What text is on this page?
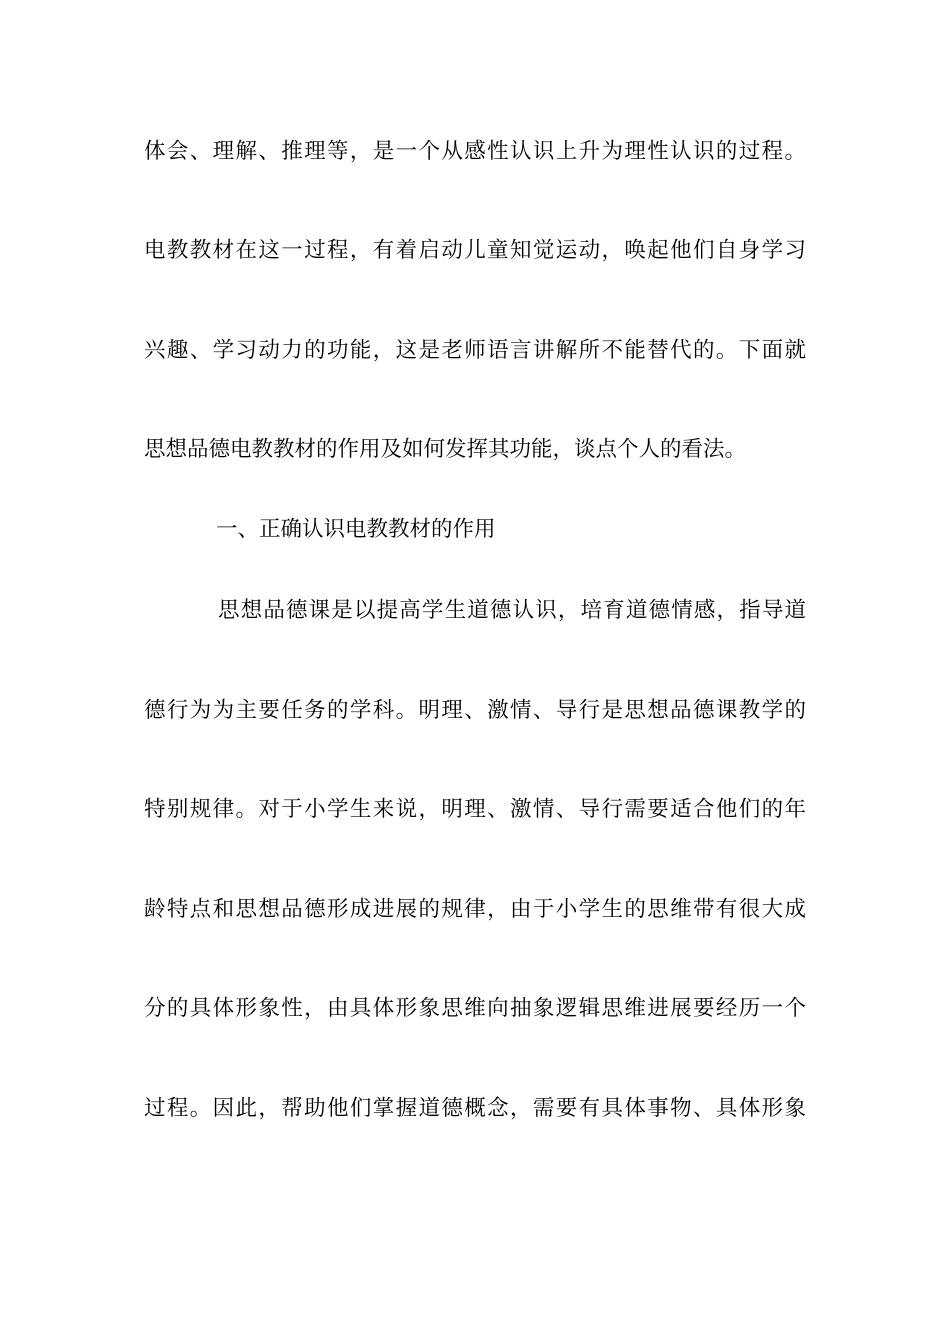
体会、理解、推理等，是一个从感性认识上升为理性认识的过程。
电教教材在这一过程，有着启动儿童知觉运动，唤起他们自身学习
兴趣、学习动力的功能，这是老师语言讲解所不能替代的。下面就
思想品德电教教材的作用及如何发挥其功能，谈点个人的看法。
一、正确认识电教教材的作用
思想品德课是以提高学生道德认识，培育道德情感，指导道
德行为为主要任务的学科。明理、激情、导行是思想品德课教学的
特别规律。对于小学生来说，明理、激情、导行需要适合他们的年
龄特点和思想品德形成进展的规律，由于小学生的思维带有很大成
分的具体形象性，由具体形象思维向抽象逻辑思维进展要经历一个
过程。因此，帮助他们掌握道德概念，需要有具体事物、具体形象
